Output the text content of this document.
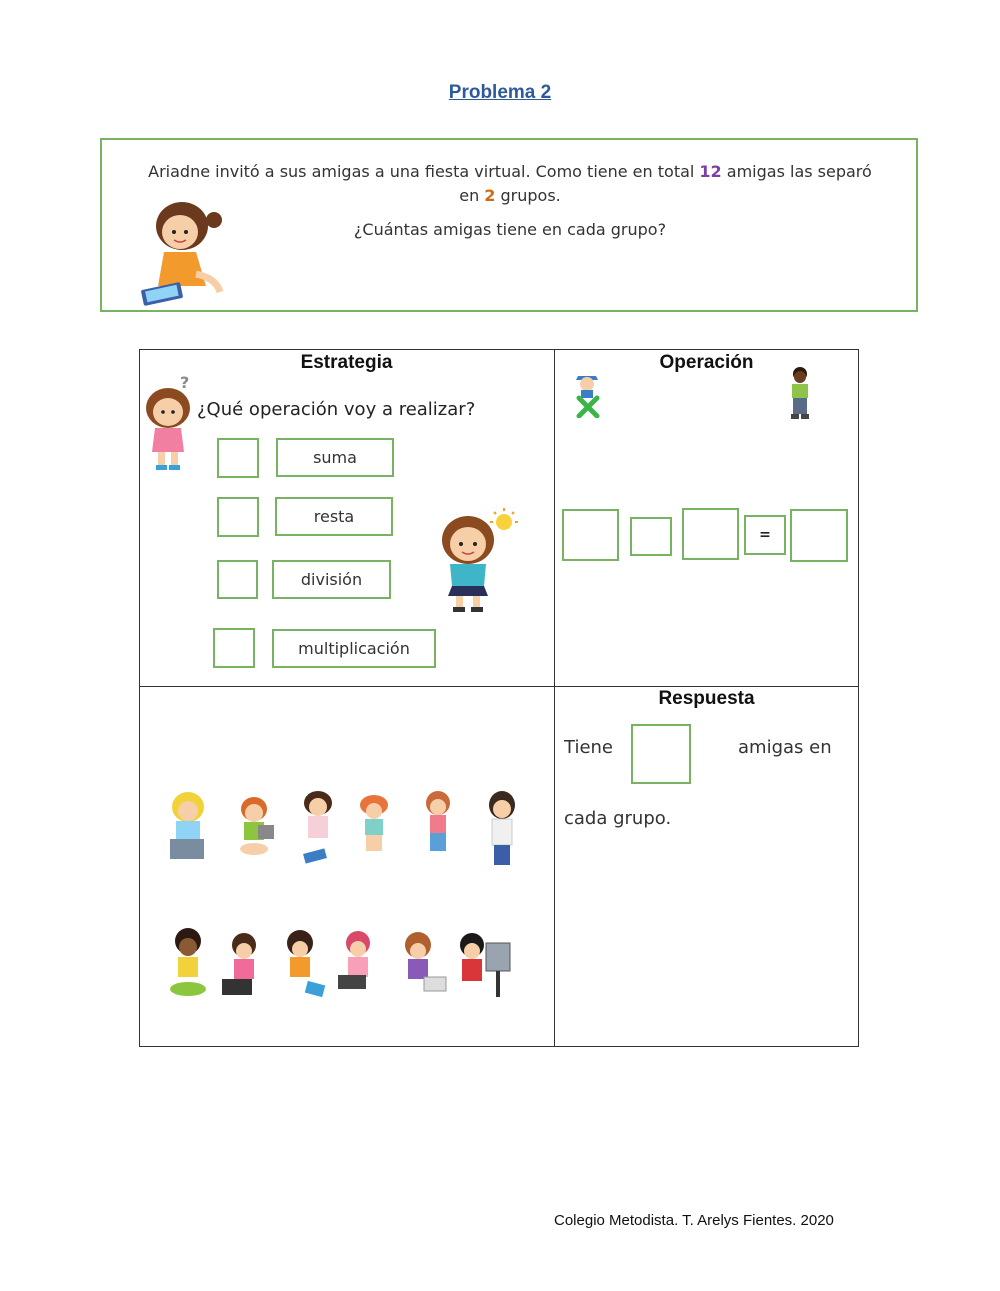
Problema 2
Ariadne invitó a sus amigas a una fiesta virtual. Como tiene en total 12 amigas las separó
en 2 grupos.
¿Cuántas amigas tiene en cada grupo?
Estrategia
?
¿Qué operación voy a realizar?
suma
resta
división
multiplicación
Operación
=
Respuesta
Tiene	amigas en
cada grupo.
Colegio Metodista. T. Arelys Fientes. 2020
